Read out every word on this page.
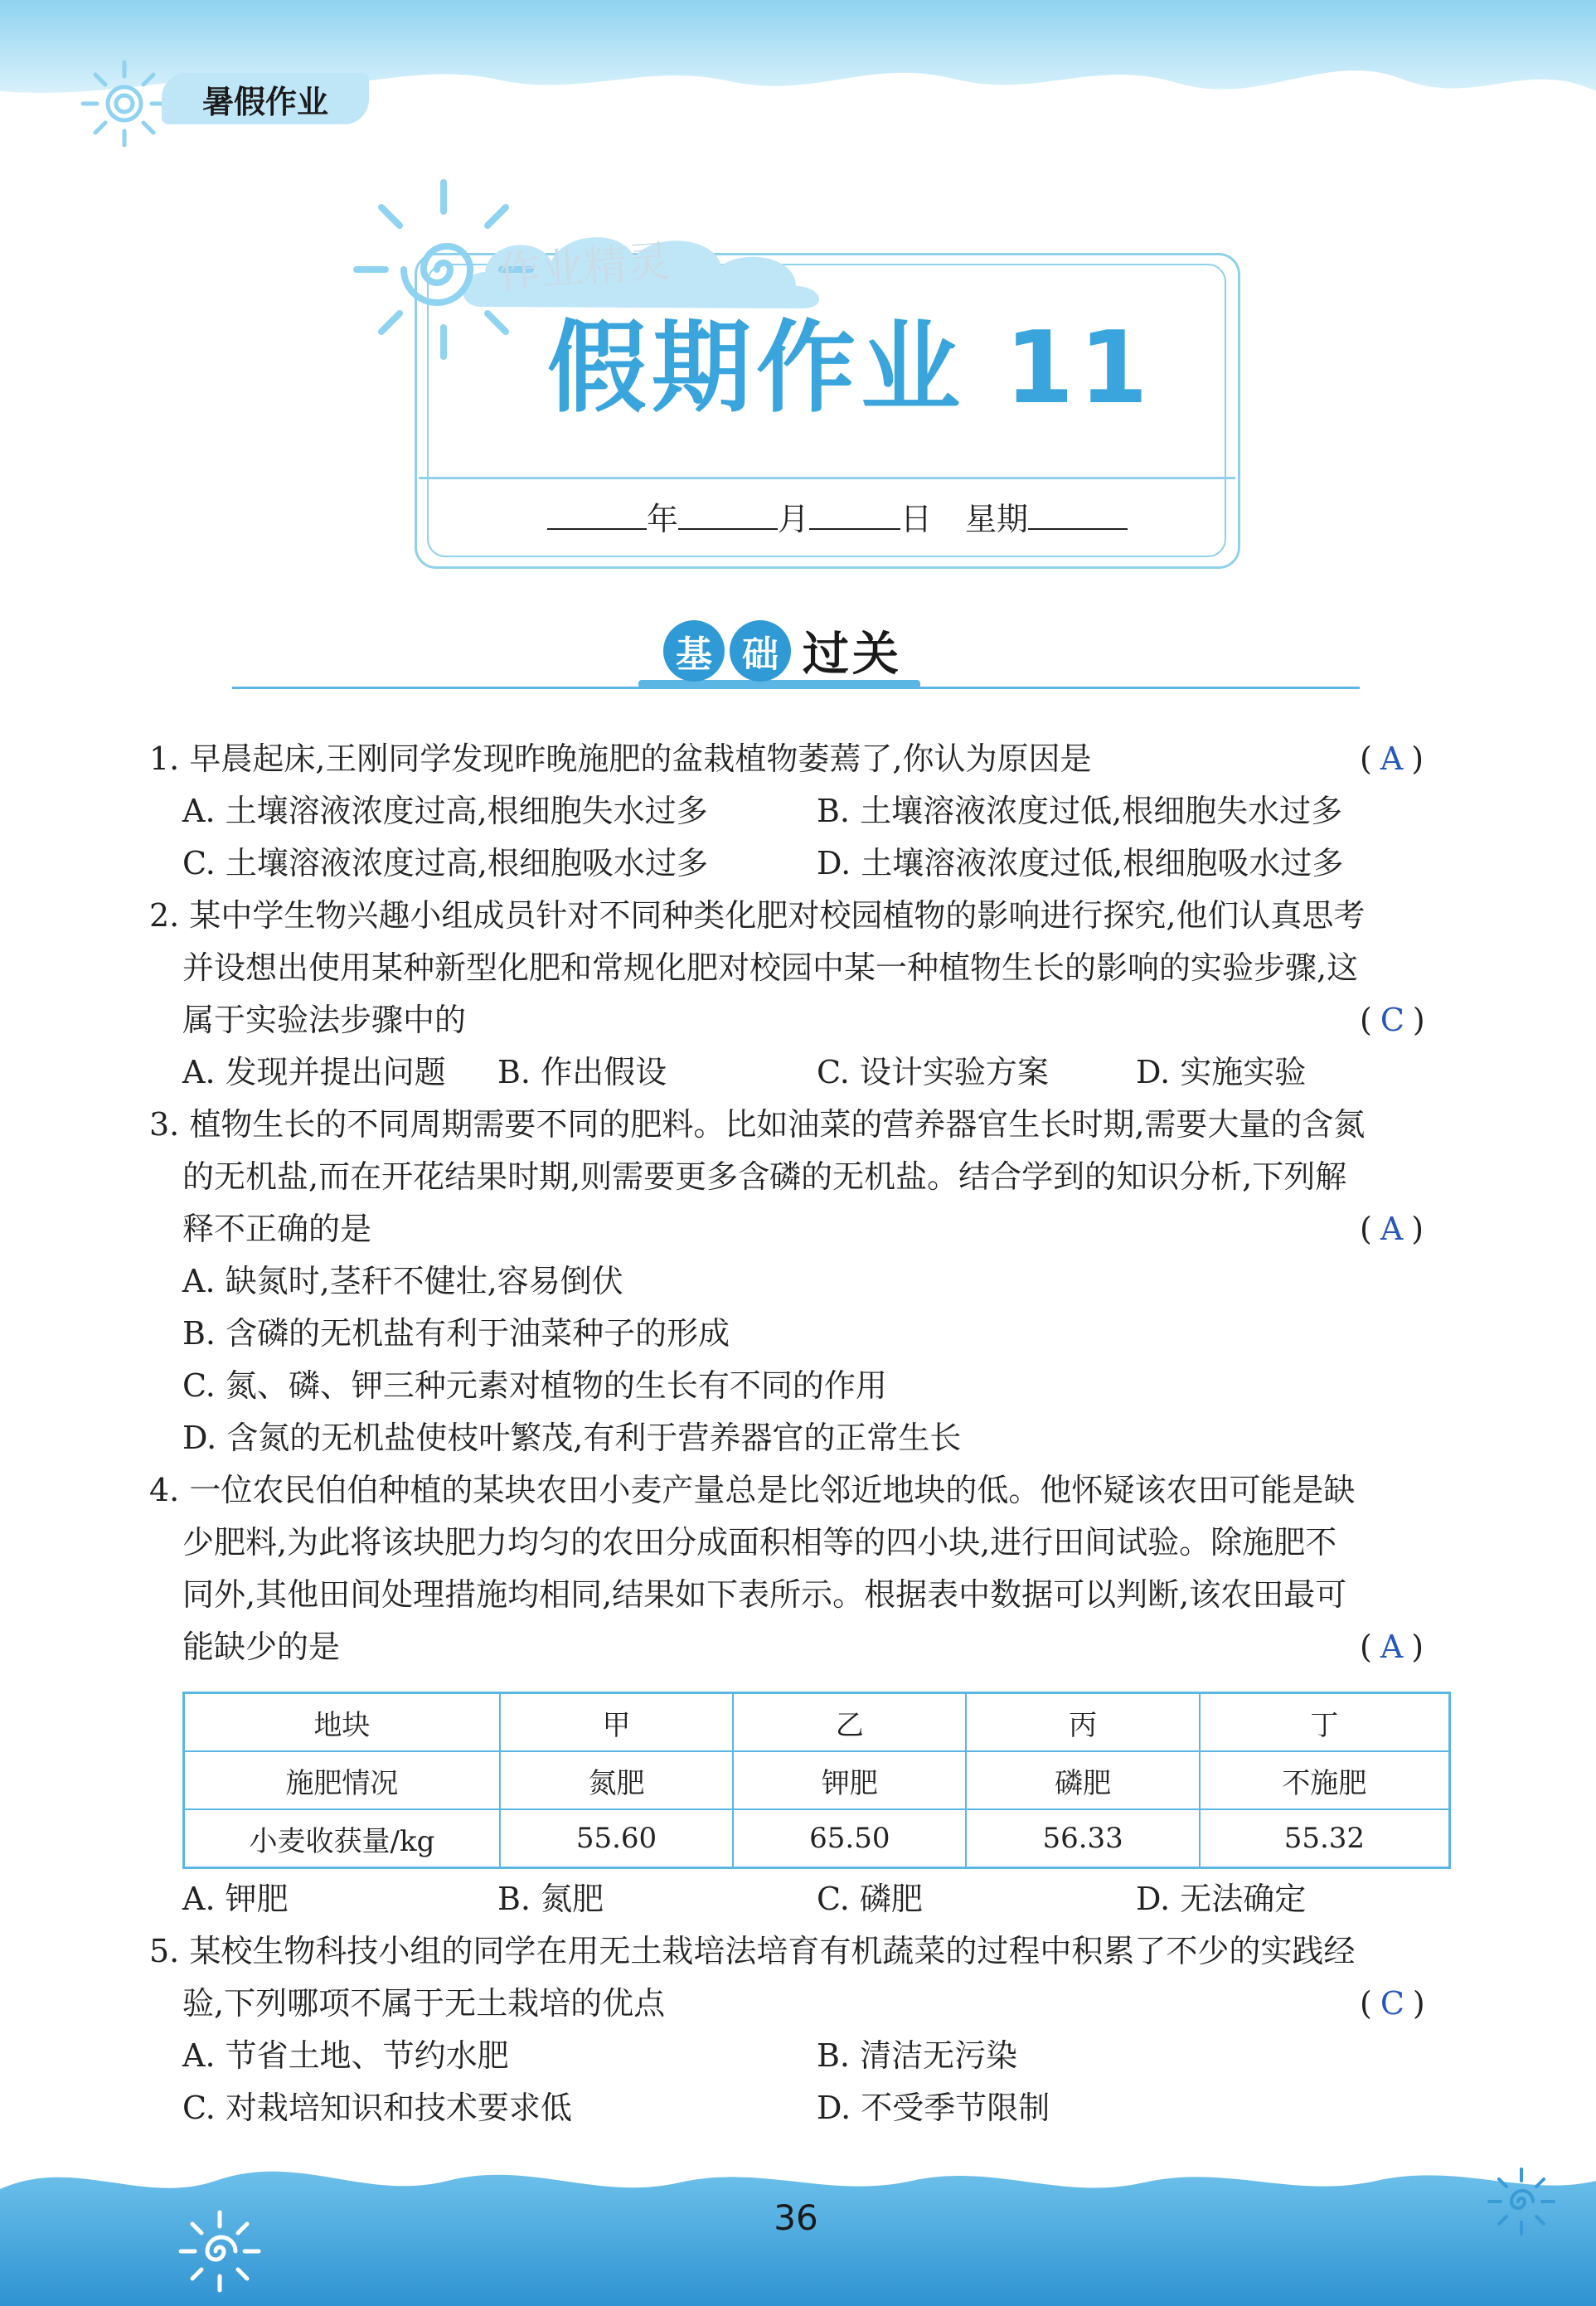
暑假作业
作业精灵
假期作业 11
年	月	日 星期
基 础 过关
1. 早晨起床,王刚同学发现昨晚施肥的盆栽植物萎蔫了,你认为原因是	( A )
A. 土壤溶液浓度过高,根细胞失水过多	B. 土壤溶液浓度过低,根细胞失水过多
C. 土壤溶液浓度过高,根细胞吸水过多	D. 土壤溶液浓度过低,根细胞吸水过多
2. 某中学生物兴趣小组成员针对不同种类化肥对校园植物的影响进行探究,他们认真思考
并设想出使用某种新型化肥和常规化肥对校园中某一种植物生长的影响的实验步骤,这
属于实验法步骤中的	( C )
A. 发现并提出问题 B. 作出假设	C. 设计实验方案	D. 实施实验
3. 植物生长的不同周期需要不同的肥料。比如油菜的营养器官生长时期,需要大量的含氮
的无机盐,而在开花结果时期,则需要更多含磷的无机盐。结合学到的知识分析,下列解
释不正确的是	( A )
A. 缺氮时,茎秆不健壮,容易倒伏
B. 含磷的无机盐有利于油菜种子的形成
C. 氮、磷、钾三种元素对植物的生长有不同的作用
D. 含氮的无机盐使枝叶繁茂,有利于营养器官的正常生长
4. 一位农民伯伯种植的某块农田小麦产量总是比邻近地块的低。他怀疑该农田可能是缺
少肥料,为此将该块肥力均匀的农田分成面积相等的四小块,进行田间试验。除施肥不
同外,其他田间处理措施均相同,结果如下表所示。根据表中数据可以判断,该农田最可
能缺少的是	( A )
地块	甲	乙	丙	丁
施肥情况	氮肥	钾肥	磷肥	不施肥
小麦收获量/kg	55.60	65.50	56.33	55.32
A. 钾肥	B. 氮肥	C. 磷肥	D. 无法确定
5. 某校生物科技小组的同学在用无土栽培法培育有机蔬菜的过程中积累了不少的实践经
验,下列哪项不属于无土栽培的优点	( C )
A. 节省土地、节约水肥	B. 清洁无污染
C. 对栽培知识和技术要求低	D. 不受季节限制
36
